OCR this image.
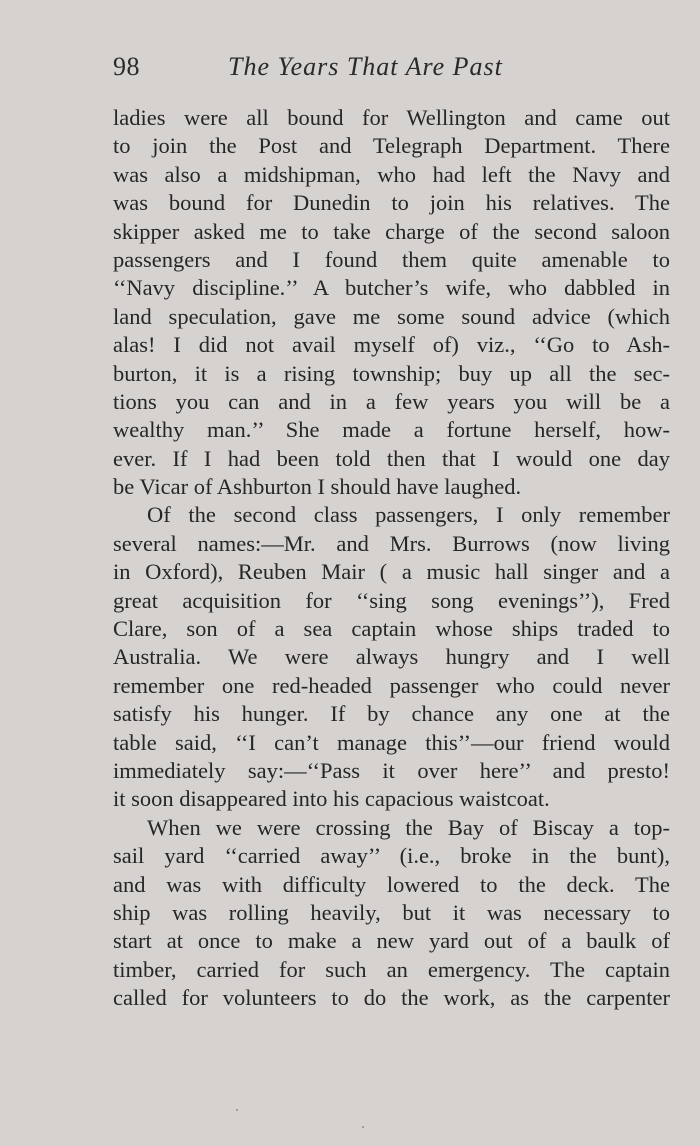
98	The Years That Are Past
ladies were all bound for Wellington and came out
to join the Post and Telegraph Department. There
was also a midshipman, who had left the Navy and
was bound for Dunedin to join his relatives. The
skipper asked me to take charge of the second saloon
passengers and I found them quite amenable to
‘‘Navy discipline.’’ A butcher’s wife, who dabbled in
land speculation, gave me some sound advice (which
alas! I did not avail myself of) viz., ‘‘Go to Ash-
burton, it is a rising township; buy up all the sec-
tions you can and in a few years you will be a
wealthy man.’’ She made a fortune herself, how-
ever. If I had been told then that I would one day
be Vicar of Ashburton I should have laughed.
Of the second class passengers, I only remember
several names:—Mr. and Mrs. Burrows (now living
in Oxford), Reuben Mair ( a music hall singer and a
great acquisition for ‘‘sing song evenings’’), Fred
Clare, son of a sea captain whose ships traded to
Australia. We were always hungry and I well
remember one red-headed passenger who could never
satisfy his hunger. If by chance any one at the
table said, ‘‘I can’t manage this’’—our friend would
immediately say:—‘‘Pass it over here’’ and presto!
it soon disappeared into his capacious waistcoat.
When we were crossing the Bay of Biscay a top-
sail yard ‘‘carried away’’ (i.e., broke in the bunt),
and was with difficulty lowered to the deck. The
ship was rolling heavily, but it was necessary to
start at once to make a new yard out of a baulk of
timber, carried for such an emergency. The captain
called for volunteers to do the work, as the carpenter
